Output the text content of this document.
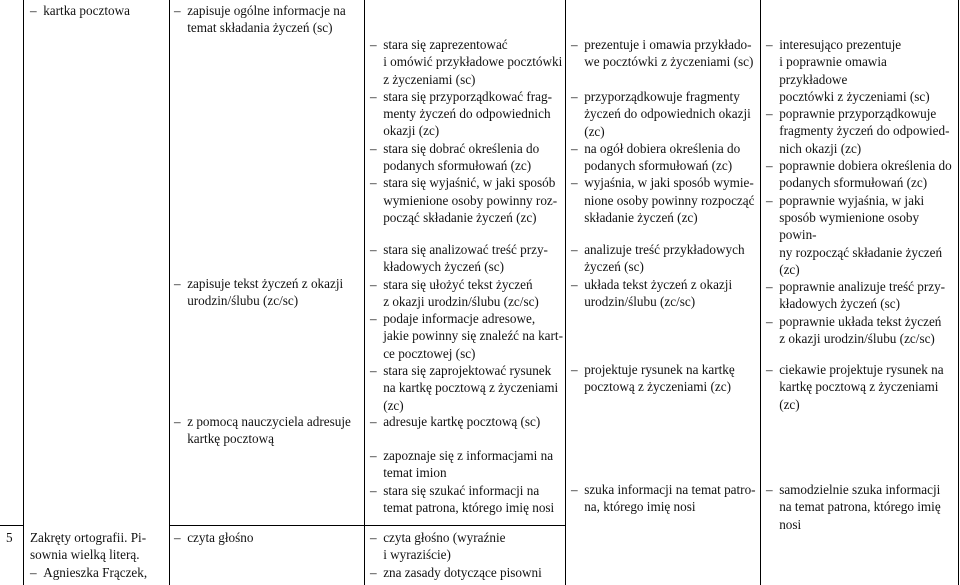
5
– kartka pocztowa
Zakręty ortografii. Pi-
sownia wielką literą.
– Agnieszka Frączek,
– zapisuje ogólne informacje na
temat składania życzeń (sc)
– zapisuje tekst życzeń z okazji
urodzin/ślubu (zc/sc)
– z pomocą nauczyciela adresuje
kartkę pocztową
– czyta głośno
– stara się zaprezentować
i omówić przykładowe pocztówki
z życzeniami (sc)
– stara się przyporządkować frag-
menty życzeń do odpowiednich
okazji (zc)
– stara się dobrać określenia do
podanych sformułowań (zc)
– stara się wyjaśnić, w jaki sposób
wymienione osoby powinny roz-
począć składanie życzeń (zc)
– stara się analizować treść przy-
kładowych życzeń (sc)
– stara się ułożyć tekst życzeń
z okazji urodzin/ślubu (zc/sc)
– podaje informacje adresowe,
jakie powinny się znaleźć na kart-
ce pocztowej (sc)
– stara się zaprojektować rysunek
na kartkę pocztową z życzeniami
(zc)
– adresuje kartkę pocztową (sc)
– zapoznaje się z informacjami na
temat imion
– stara się szukać informacji na
temat patrona, którego imię nosi
– czyta głośno (wyraźnie
i wyraziście)
– zna zasady dotyczące pisowni
– prezentuje i omawia przykłado-
we pocztówki z życzeniami (sc)
– przyporządkowuje fragmenty
życzeń do odpowiednich okazji
(zc)
– na ogół dobiera określenia do
podanych sformułowań (zc)
– wyjaśnia, w jaki sposób wymie-
nione osoby powinny rozpocząć
składanie życzeń (zc)
– analizuje treść przykładowych
życzeń (sc)
– układa tekst życzeń z okazji
urodzin/ślubu (zc/sc)
– projektuje rysunek na kartkę
pocztową z życzeniami (zc)
– szuka informacji na temat patro-
na, którego imię nosi
– interesująco prezentuje
i poprawnie omawia przykładowe
pocztówki z życzeniami (sc)
– poprawnie przyporządkowuje
fragmenty życzeń do odpowied-
nich okazji (zc)
– poprawnie dobiera określenia do
podanych sformułowań (zc)
– poprawnie wyjaśnia, w jaki
sposób wymienione osoby powin-
ny rozpocząć składanie życzeń
(zc)
– poprawnie analizuje treść przy-
kładowych życzeń (sc)
– poprawnie układa tekst życzeń
z okazji urodzin/ślubu (zc/sc)
– ciekawie projektuje rysunek na
kartkę pocztową z życzeniami (zc)
– samodzielnie szuka informacji
na temat patrona, którego imię
nosi
